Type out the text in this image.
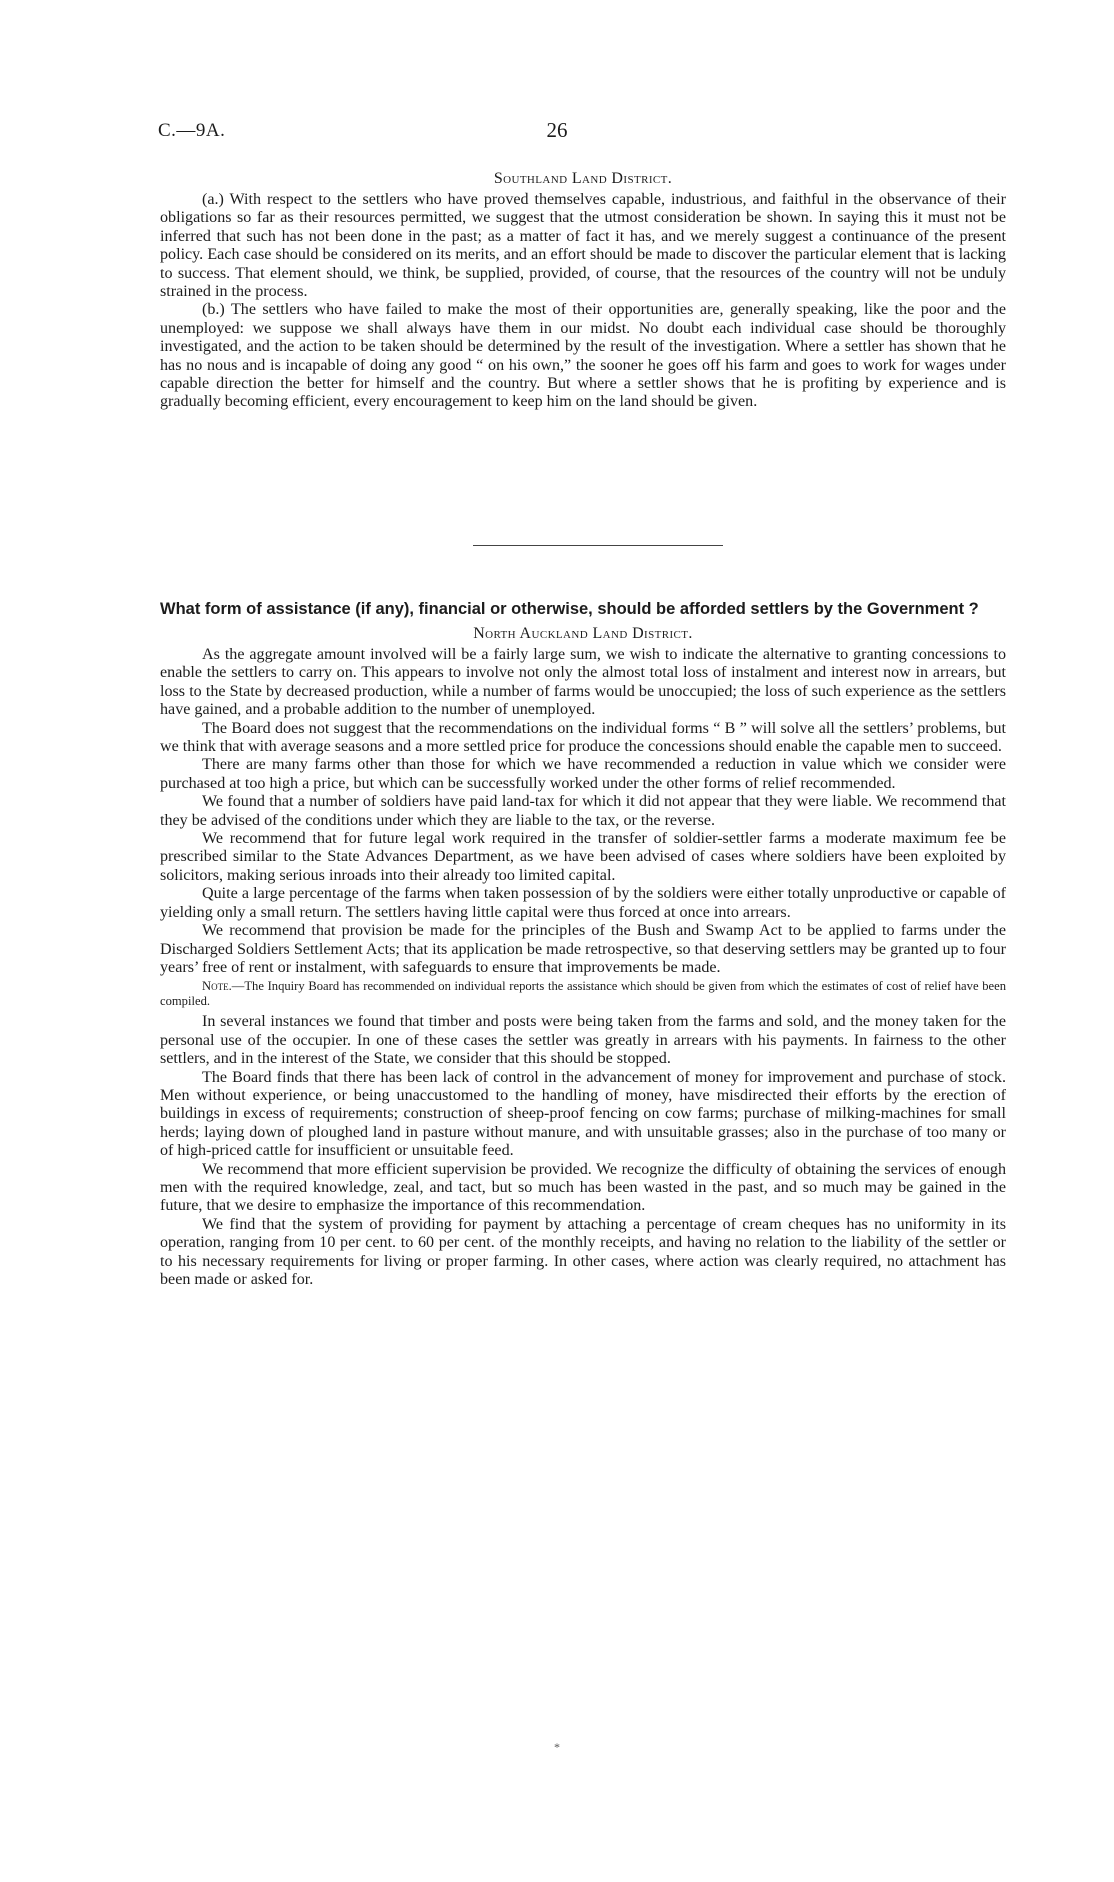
C.—9A.	26
Southland Land District.

(a.) With respect to the settlers who have proved themselves capable, industrious, and faithful in the observance of their obligations so far as their resources permitted, we suggest that the utmost consideration be shown. In saying this it must not be inferred that such has not been done in the past; as a matter of fact it has, and we merely suggest a continuance of the present policy. Each case should be considered on its merits, and an effort should be made to discover the particular element that is lacking to success. That element should, we think, be supplied, provided, of course, that the resources of the country will not be unduly strained in the process.

(b.) The settlers who have failed to make the most of their opportunities are, generally speaking, like the poor and the unemployed: we suppose we shall always have them in our midst. No doubt each individual case should be thoroughly investigated, and the action to be taken should be determined by the result of the investigation. Where a settler has shown that he has no nous and is incapable of doing any good “ on his own,” the sooner he goes off his farm and goes to work for wages under capable direction the better for himself and the country. But where a settler shows that he is profiting by experience and is gradually becoming efficient, every encouragement to keep him on the land should be given.

What form of assistance (if any), financial or otherwise, should be afforded settlers by the Government ?
North Auckland Land District.

As the aggregate amount involved will be a fairly large sum, we wish to indicate the alternative to granting concessions to enable the settlers to carry on. This appears to involve not only the almost total loss of instalment and interest now in arrears, but loss to the State by decreased production, while a number of farms would be unoccupied; the loss of such experience as the settlers have gained, and a probable addition to the number of unemployed.

The Board does not suggest that the recommendations on the individual forms “ B ” will solve all the settlers’ problems, but we think that with average seasons and a more settled price for produce the concessions should enable the capable men to succeed.

There are many farms other than those for which we have recommended a reduction in value which we consider were purchased at too high a price, but which can be successfully worked under the other forms of relief recommended.

We found that a number of soldiers have paid land-tax for which it did not appear that they were liable. We recommend that they be advised of the conditions under which they are liable to the tax, or the reverse.

We recommend that for future legal work required in the transfer of soldier-settler farms a moderate maximum fee be prescribed similar to the State Advances Department, as we have been advised of cases where soldiers have been exploited by solicitors, making serious inroads into their already too limited capital.

Quite a large percentage of the farms when taken possession of by the soldiers were either totally unproductive or capable of yielding only a small return. The settlers having little capital were thus forced at once into arrears.

We recommend that provision be made for the principles of the Bush and Swamp Act to be applied to farms under the Discharged Soldiers Settlement Acts; that its application be made retrospective, so that deserving settlers may be granted up to four years’ free of rent or instalment, with safeguards to ensure that improvements be made.

Note.—The Inquiry Board has recommended on individual reports the assistance which should be given from which the estimates of cost of relief have been compiled.

In several instances we found that timber and posts were being taken from the farms and sold, and the money taken for the personal use of the occupier. In one of these cases the settler was greatly in arrears with his payments. In fairness to the other settlers, and in the interest of the State, we consider that this should be stopped.

The Board finds that there has been lack of control in the advancement of money for improvement and purchase of stock. Men without experience, or being unaccustomed to the handling of money, have misdirected their efforts by the erection of buildings in excess of requirements; construction of sheep-proof fencing on cow farms; purchase of milking-machines for small herds; laying down of ploughed land in pasture without manure, and with unsuitable grasses; also in the purchase of too many or of high-priced cattle for insufficient or unsuitable feed.

We recommend that more efficient supervision be provided. We recognize the difficulty of obtaining the services of enough men with the required knowledge, zeal, and tact, but so much has been wasted in the past, and so much may be gained in the future, that we desire to emphasize the importance of this recommendation.

We find that the system of providing for payment by attaching a percentage of cream cheques has no uniformity in its operation, ranging from 10 per cent. to 60 per cent. of the monthly receipts, and having no relation to the liability of the settler or to his necessary requirements for living or proper farming. In other cases, where action was clearly required, no attachment has been made or asked for.

*
